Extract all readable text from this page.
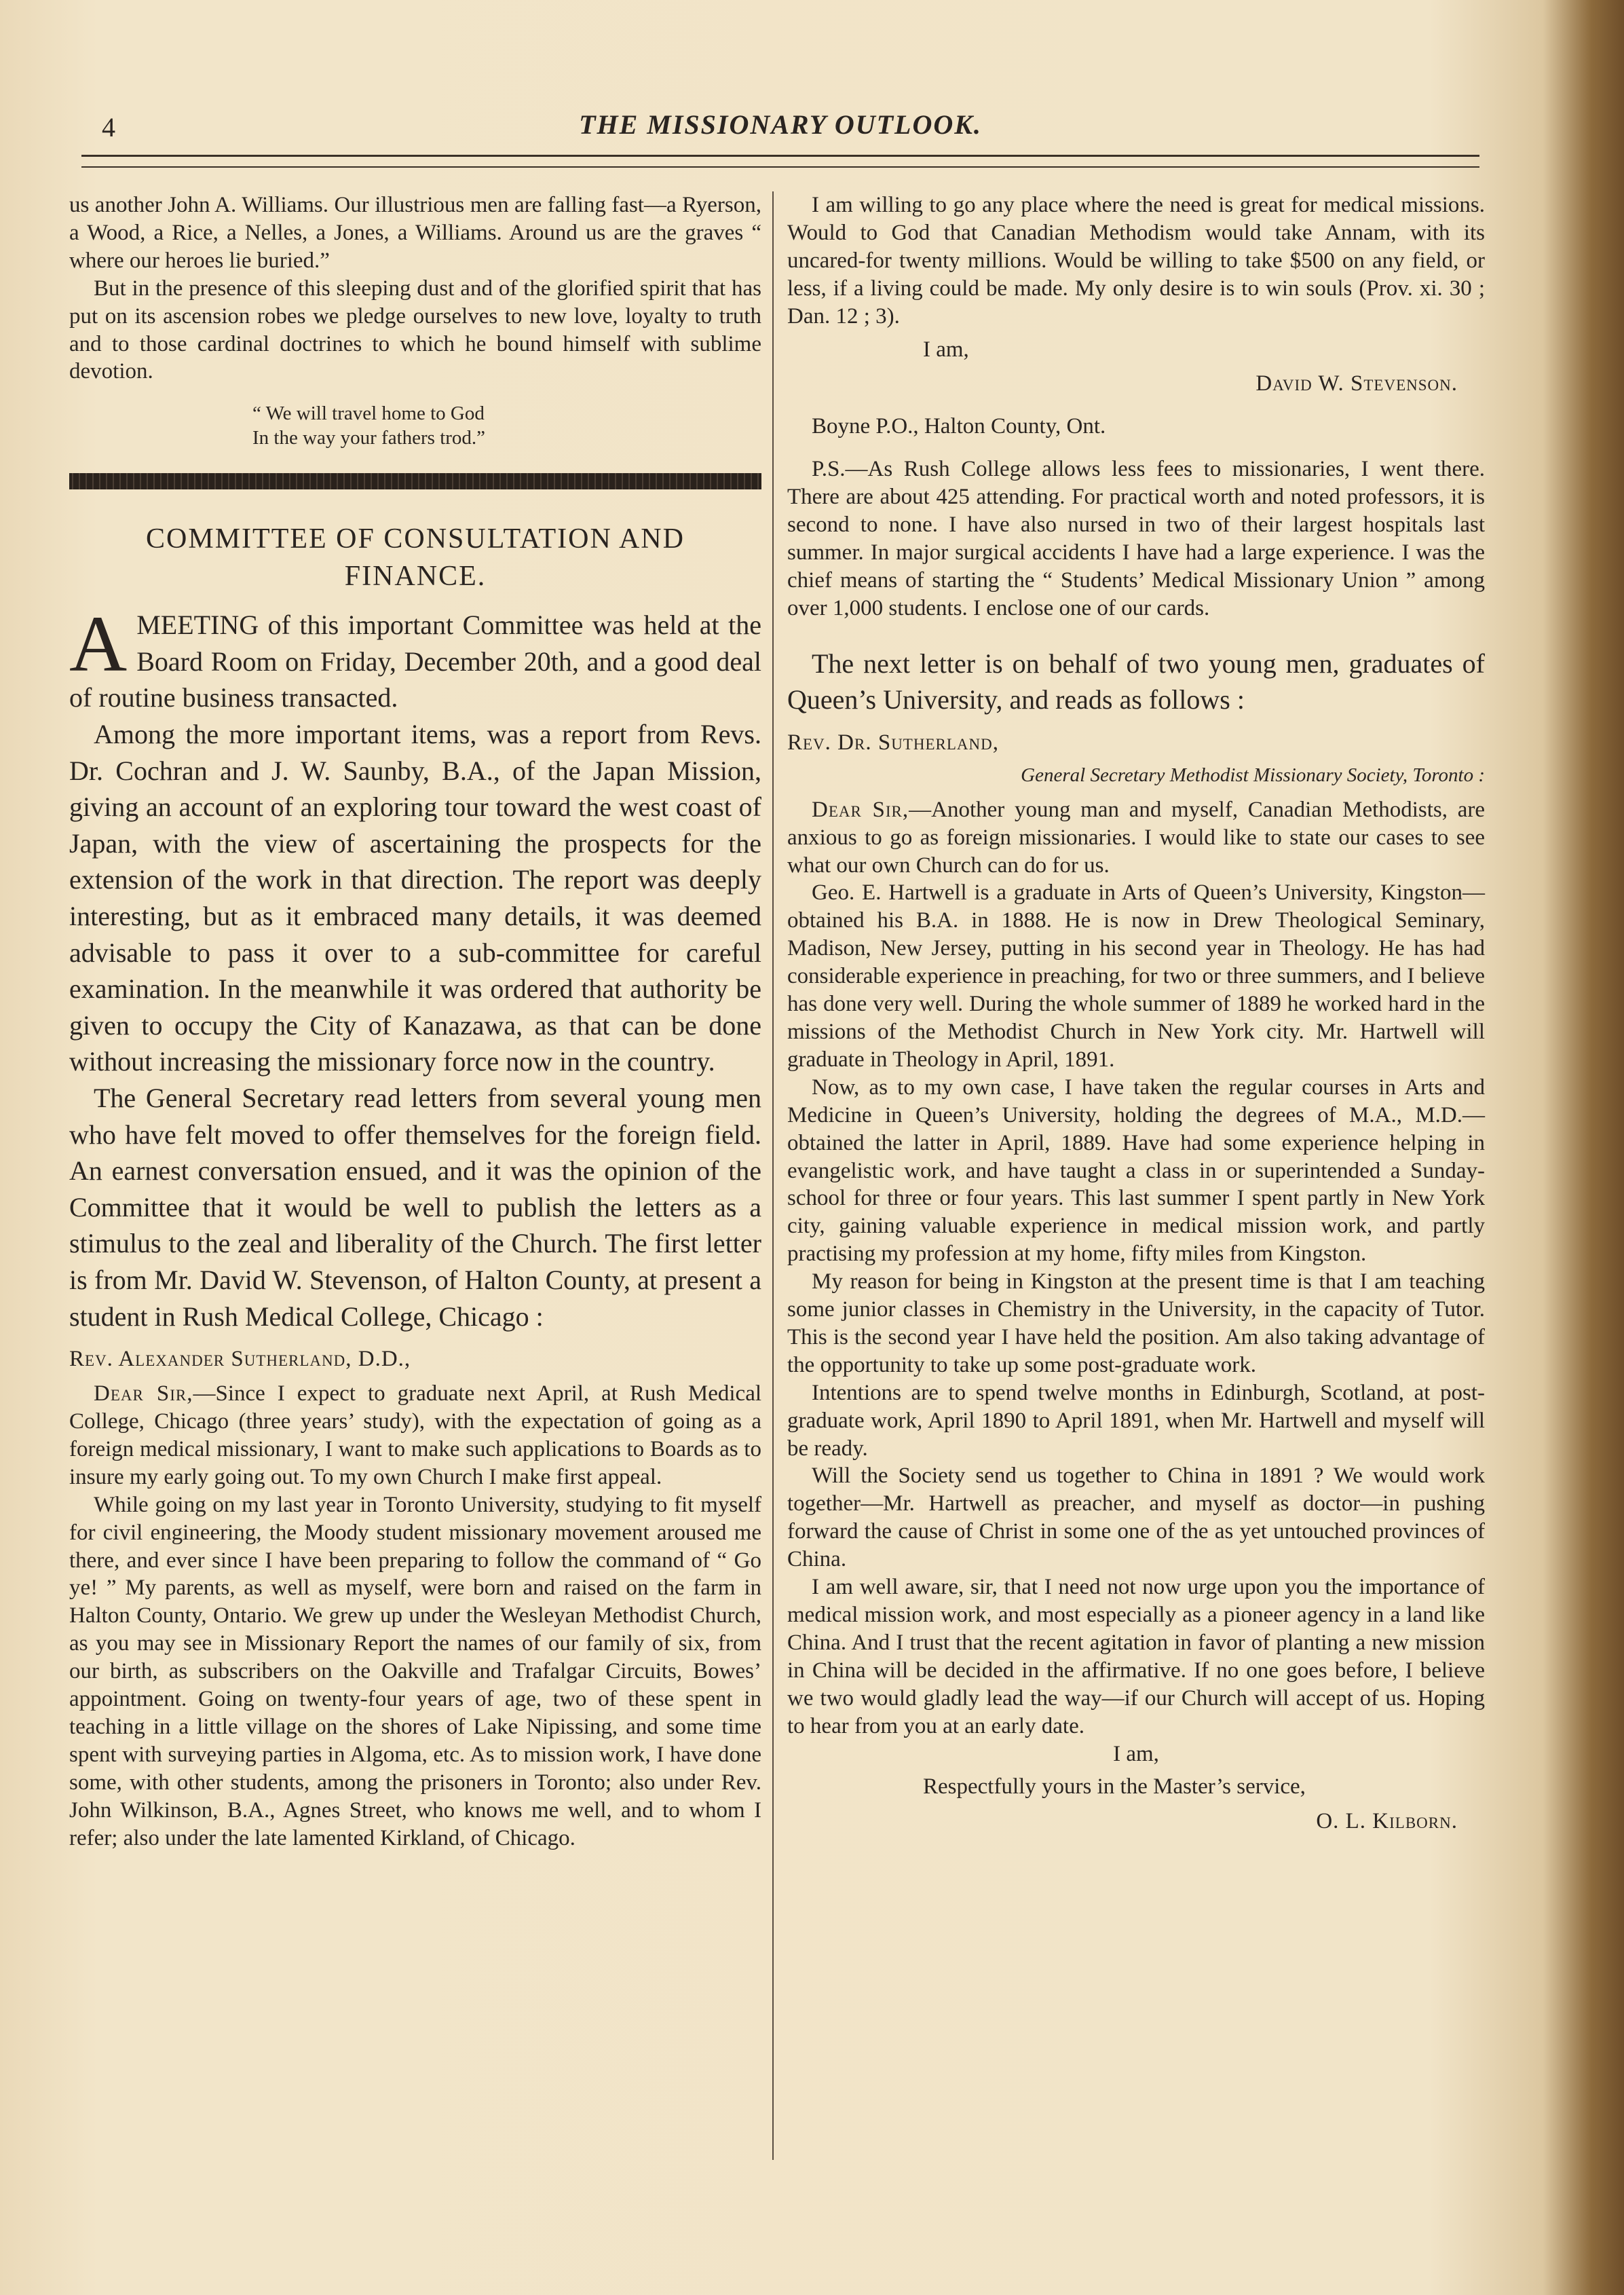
4	THE MISSIONARY OUTLOOK.

us another John A. Williams. Our illustrious men are falling fast—a Ryerson, a Wood, a Rice, a Nelles, a Jones, a Williams. Around us are the graves “ where our heroes lie buried.”

But in the presence of this sleeping dust and of the glorified spirit that has put on its ascension robes we pledge ourselves to new love, loyalty to truth and to those cardinal doctrines to which he bound himself with sublime devotion.

“ We will travel home to God
In the way your fathers trod.”
COMMITTEE OF CONSULTATION AND
FINANCE.

AMEETING of this important Committee was held at the Board Room on Friday, December 20th, and a good deal of routine business transacted.

Among the more important items, was a report from Revs. Dr. Cochran and J. W. Saunby, B.A., of the Japan Mission, giving an account of an exploring tour toward the west coast of Japan, with the view of ascertaining the prospects for the extension of the work in that direction. The report was deeply interesting, but as it embraced many details, it was deemed advisable to pass it over to a sub-committee for careful examination. In the meanwhile it was ordered that authority be given to occupy the City of Kanazawa, as that can be done without increasing the missionary force now in the country.

The General Secretary read letters from several young men who have felt moved to offer themselves for the foreign field. An earnest conversation ensued, and it was the opinion of the Committee that it would be well to publish the letters as a stimulus to the zeal and liberality of the Church. The first letter is from Mr. David W. Stevenson, of Halton County, at present a student in Rush Medical College, Chicago :

Rev. Alexander Sutherland, D.D.,

Dear Sir,—Since I expect to graduate next April, at Rush Medical College, Chicago (three years’ study), with the expectation of going as a foreign medical missionary, I want to make such applications to Boards as to insure my early going out. To my own Church I make first appeal.

While going on my last year in Toronto University, studying to fit myself for civil engineering, the Moody student missionary movement aroused me there, and ever since I have been preparing to follow the command of “ Go ye! ” My parents, as well as myself, were born and raised on the farm in Halton County, Ontario. We grew up under the Wesleyan Methodist Church, as you may see in Missionary Report the names of our family of six, from our birth, as subscribers on the Oakville and Trafalgar Circuits, Bowes’ appointment. Going on twenty-four years of age, two of these spent in teaching in a little village on the shores of Lake Nipissing, and some time spent with surveying parties in Algoma, etc. As to mission work, I have done some, with other students, among the prisoners in Toronto; also under Rev. John Wilkinson, B.A., Agnes Street, who knows me well, and to whom I refer; also under the late lamented Kirkland, of Chicago.

I am willing to go any place where the need is great for medical missions. Would to God that Canadian Methodism would take Annam, with its uncared-for twenty millions. Would be willing to take $500 on any field, or less, if a living could be made. My only desire is to win souls (Prov. xi. 30 ; Dan. 12 ; 3).

I am,

David W. Stevenson.

Boyne P.O., Halton County, Ont.

P.S.—As Rush College allows less fees to missionaries, I went there. There are about 425 attending. For practical worth and noted professors, it is second to none. I have also nursed in two of their largest hospitals last summer. In major surgical accidents I have had a large experience. I was the chief means of starting the “ Students’ Medical Missionary Union ” among over 1,000 students. I enclose one of our cards.

The next letter is on behalf of two young men, graduates of Queen’s University, and reads as follows :

Rev. Dr. Sutherland,

General Secretary Methodist Missionary Society, Toronto :

Dear Sir,—Another young man and myself, Canadian Methodists, are anxious to go as foreign missionaries. I would like to state our cases to see what our own Church can do for us.

Geo. E. Hartwell is a graduate in Arts of Queen’s University, Kingston—obtained his B.A. in 1888. He is now in Drew Theological Seminary, Madison, New Jersey, putting in his second year in Theology. He has had considerable experience in preaching, for two or three summers, and I believe has done very well. During the whole summer of 1889 he worked hard in the missions of the Methodist Church in New York city. Mr. Hartwell will graduate in Theology in April, 1891.

Now, as to my own case, I have taken the regular courses in Arts and Medicine in Queen’s University, holding the degrees of M.A., M.D.—obtained the latter in April, 1889. Have had some experience helping in evangelistic work, and have taught a class in or superintended a Sunday-school for three or four years. This last summer I spent partly in New York city, gaining valuable experience in medical mission work, and partly practising my profession at my home, fifty miles from Kingston.

My reason for being in Kingston at the present time is that I am teaching some junior classes in Chemistry in the University, in the capacity of Tutor. This is the second year I have held the position. Am also taking advantage of the opportunity to take up some post-graduate work.

Intentions are to spend twelve months in Edinburgh, Scotland, at post-graduate work, April 1890 to April 1891, when Mr. Hartwell and myself will be ready.

Will the Society send us together to China in 1891 ? We would work together—Mr. Hartwell as preacher, and myself as doctor—in pushing forward the cause of Christ in some one of the as yet untouched provinces of China.

I am well aware, sir, that I need not now urge upon you the importance of medical mission work, and most especially as a pioneer agency in a land like China. And I trust that the recent agitation in favor of planting a new mission in China will be decided in the affirmative. If no one goes before, I believe we two would gladly lead the way—if our Church will accept of us. Hoping to hear from you at an early date.

I am,

Respectfully yours in the Master’s service,

O. L. Kilborn.
